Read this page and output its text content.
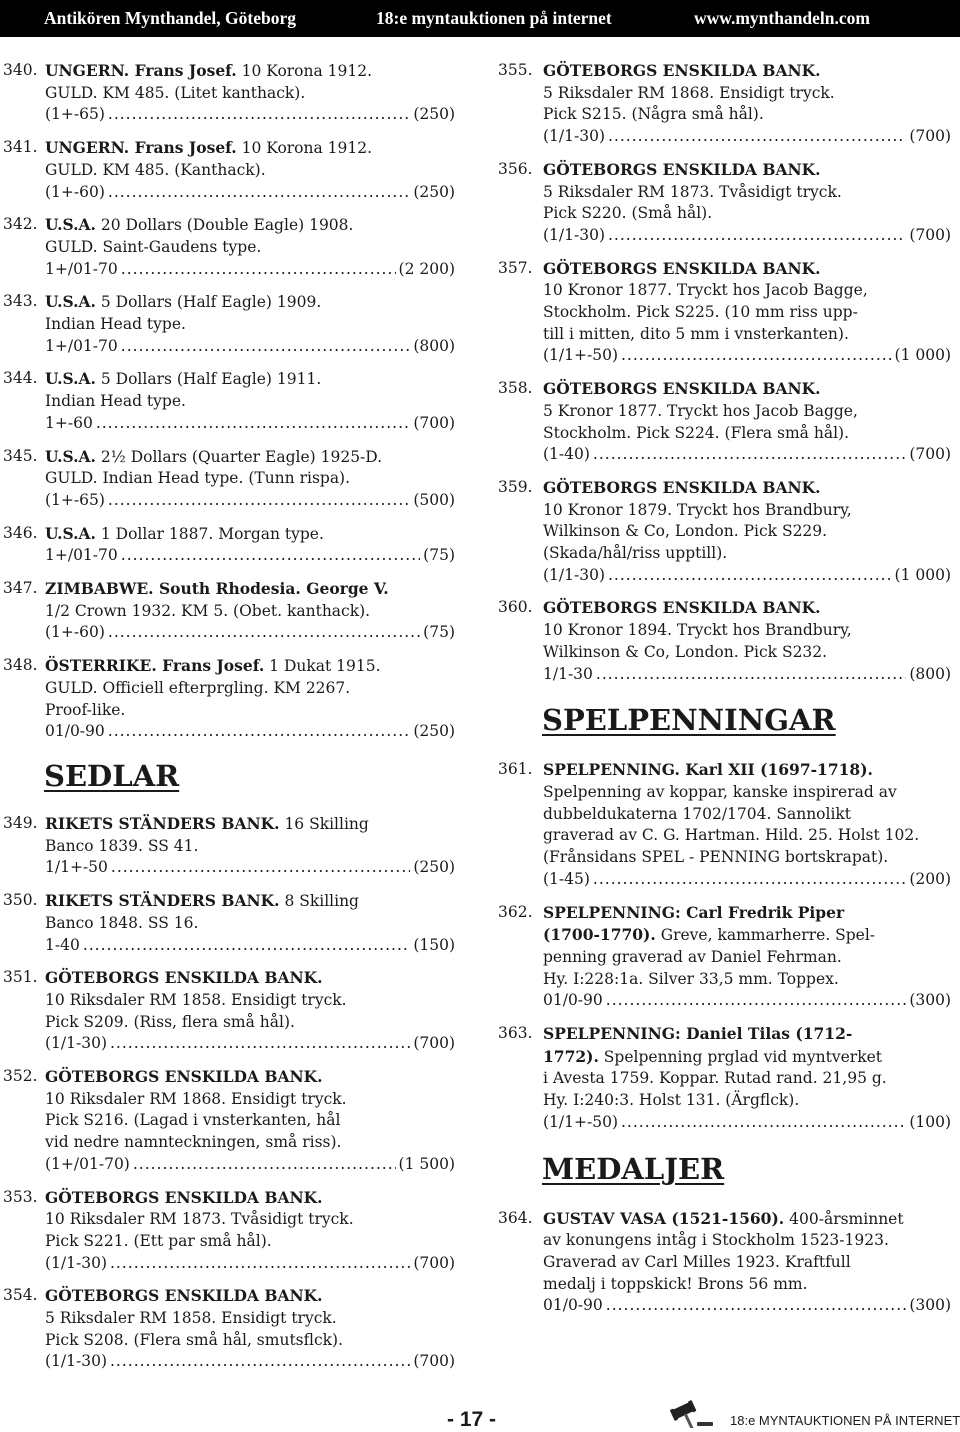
Antikören Mynthandel, Göteborg	18:e myntauktionen på internet	www.mynthandeln.com
340. UNGERN. Frans Josef. 10 Korona 1912.
GULD. KM 485. (Litet kanthack).
(1+-65) .....	(250)
341. UNGERN. Frans Josef. 10 Korona 1912.
GULD. KM 485. (Kanthack).
(1+-60) .....	(250)
342. U.S.A. 20 Dollars (Double Eagle) 1908.
GULD. Saint-Gaudens type.
1+/01-70 .....	(2 200)
343. U.S.A. 5 Dollars (Half Eagle) 1909.
Indian Head type.
1+/01-70 .....	(800)
344. U.S.A. 5 Dollars (Half Eagle) 1911.
Indian Head type.
1+-60 .....	(700)
345. U.S.A. 2½ Dollars (Quarter Eagle) 1925-D.
GULD. Indian Head type. (Tunn rispa).
(1+-65) .....	(500)
346. U.S.A. 1 Dollar 1887. Morgan type.
1+/01-70 .....	(75)
347. ZIMBABWE. South Rhodesia. George V.
1/2 Crown 1932. KM 5. (Obet. kanthack).
(1+-60) .....	(75)
348. ÖSTERRIKE. Frans Josef. 1 Dukat 1915.
GULD. Officiell efterprgling. KM 2267.
Proof-like.
01/0-90 .....	(250)
SEDLAR
349. RIKETS STÄNDERS BANK. 16 Skilling
Banco 1839. SS 41.
1/1+-50 .....	(250)
350. RIKETS STÄNDERS BANK. 8 Skilling
Banco 1848. SS 16.
1-40 .....	(150)
351. GÖTEBORGS ENSKILDA BANK.
10 Riksdaler RM 1858. Ensidigt tryck.
Pick S209. (Riss, flera små hål).
(1/1-30) .....	(700)
352. GÖTEBORGS ENSKILDA BANK.
10 Riksdaler RM 1868. Ensidigt tryck.
Pick S216. (Lagad i vnsterkanten, hål
vid nedre namnteckningen, små riss).
(1+/01-70) .....	(1 500)
353. GÖTEBORGS ENSKILDA BANK.
10 Riksdaler RM 1873. Tvåsidigt tryck.
Pick S221. (Ett par små hål).
(1/1-30) .....	(700)
354. GÖTEBORGS ENSKILDA BANK.
5 Riksdaler RM 1858. Ensidigt tryck.
Pick S208. (Flera små hål, smutsflck).
(1/1-30) .....	(700)
355. GÖTEBORGS ENSKILDA BANK.
5 Riksdaler RM 1868. Ensidigt tryck.
Pick S215. (Några små hål).
(1/1-30) .....	(700)
356. GÖTEBORGS ENSKILDA BANK.
5 Riksdaler RM 1873. Tvåsidigt tryck.
Pick S220. (Små hål).
(1/1-30) .....	(700)
357. GÖTEBORGS ENSKILDA BANK.
10 Kronor 1877. Tryckt hos Jacob Bagge,
Stockholm. Pick S225. (10 mm riss upp-
till i mitten, dito 5 mm i vnsterkanten).
(1/1+-50) .....	(1 000)
358. GÖTEBORGS ENSKILDA BANK.
5 Kronor 1877. Tryckt hos Jacob Bagge,
Stockholm. Pick S224. (Flera små hål).
(1-40) .....	(700)
359. GÖTEBORGS ENSKILDA BANK.
10 Kronor 1879. Tryckt hos Brandbury,
Wilkinson & Co, London. Pick S229.
(Skada/hål/riss upptill).
(1/1-30) .....	(1 000)
360. GÖTEBORGS ENSKILDA BANK.
10 Kronor 1894. Tryckt hos Brandbury,
Wilkinson & Co, London. Pick S232.
1/1-30 .....	(800)
SPELPENNINGAR
361. SPELPENNING. Karl XII (1697-1718).
Spelpenning av koppar, kanske inspirerad av
dubbeldukaterna 1702/1704. Sannolikt
graverad av C. G. Hartman. Hild. 25. Holst 102.
(Frånsidans SPEL - PENNING bortskrapat).
(1-45) .....	(200)
362. SPELPENNING: Carl Fredrik Piper
(1700-1770). Greve, kammarherre. Spel-
penning graverad av Daniel Fehrman.
Hy. I:228:1a. Silver 33,5 mm. Toppex.
01/0-90 .....	(300)
363. SPELPENNING: Daniel Tilas (1712-
1772). Spelpenning prglad vid myntverket
i Avesta 1759. Koppar. Rutad rand. 21,95 g.
Hy. I:240:3. Holst 131. (Ärgflck).
(1/1+-50) .....	(100)
MEDALJER
364. GUSTAV VASA (1521-1560). 400-årsminnet
av konungens intåg i Stockholm 1523-1923.
Graverad av Carl Milles 1923. Kraftfull
medalj i toppskick! Brons 56 mm.
01/0-90 .....	(300)
- 17 -	18:e MYNTAUKTIONEN PÅ INTERNET
